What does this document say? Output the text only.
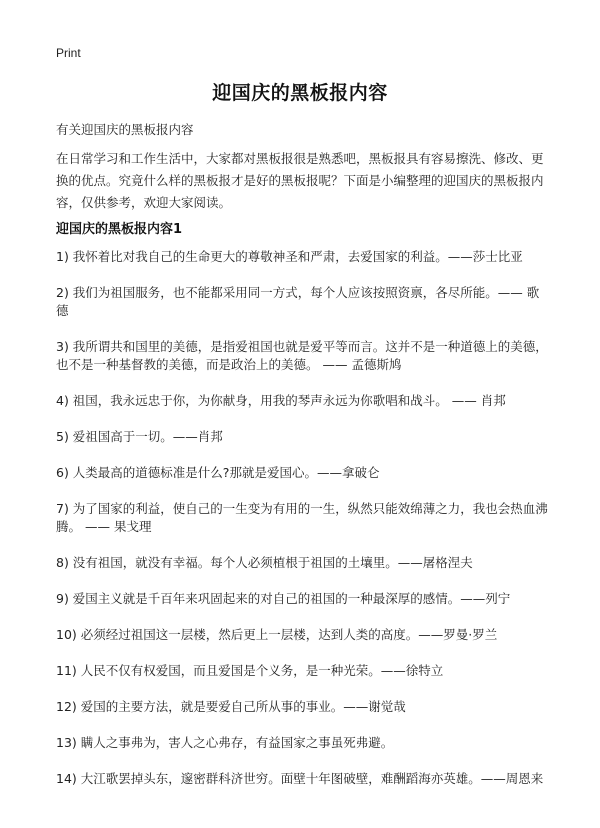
Print
迎国庆的黑板报内容
有关迎国庆的黑板报内容
在日常学习和工作生活中，大家都对黑板报很是熟悉吧，黑板报具有容易擦洗、修改、更换的优点。究竟什么样的黑板报才是好的黑板报呢？下面是小编整理的迎国庆的黑板报内容，仅供参考，欢迎大家阅读。
迎国庆的黑板报内容1

1) 我怀着比对我自己的生命更大的尊敬神圣和严肃，去爱国家的利益。——莎士比亚

2) 我们为祖国服务，也不能都采用同一方式，每个人应该按照资禀，各尽所能。—— 歌德

3) 我所谓共和国里的美德，是指爱祖国也就是爱平等而言。这并不是一种道德上的美德，也不是一种基督教的美德，而是政治上的美德。 —— 孟德斯鸠

4) 祖国，我永远忠于你，为你献身，用我的琴声永远为你歌唱和战斗。 —— 肖邦

5) 爱祖国高于一切。——肖邦

6) 人类最高的道德标准是什么?那就是爱国心。——拿破仑

7) 为了国家的利益，使自己的一生变为有用的一生，纵然只能效绵薄之力，我也会热血沸腾。 —— 果戈理

8) 没有祖国，就没有幸福。每个人必须植根于祖国的土壤里。——屠格涅夫

9) 爱国主义就是千百年来巩固起来的对自己的祖国的一种最深厚的感情。——列宁

10) 必须经过祖国这一层楼，然后更上一层楼，达到人类的高度。——罗曼·罗兰

11) 人民不仅有权爱国，而且爱国是个义务，是一种光荣。——徐特立

12) 爱国的主要方法，就是要爱自己所从事的事业。——谢觉哉

13) 瞒人之事弗为，害人之心弗存，有益国家之事虽死弗避。

14) 大江歌罢掉头东，邃密群科济世穷。面壁十年图破壁，难酬蹈海亦英雄。——周恩来
